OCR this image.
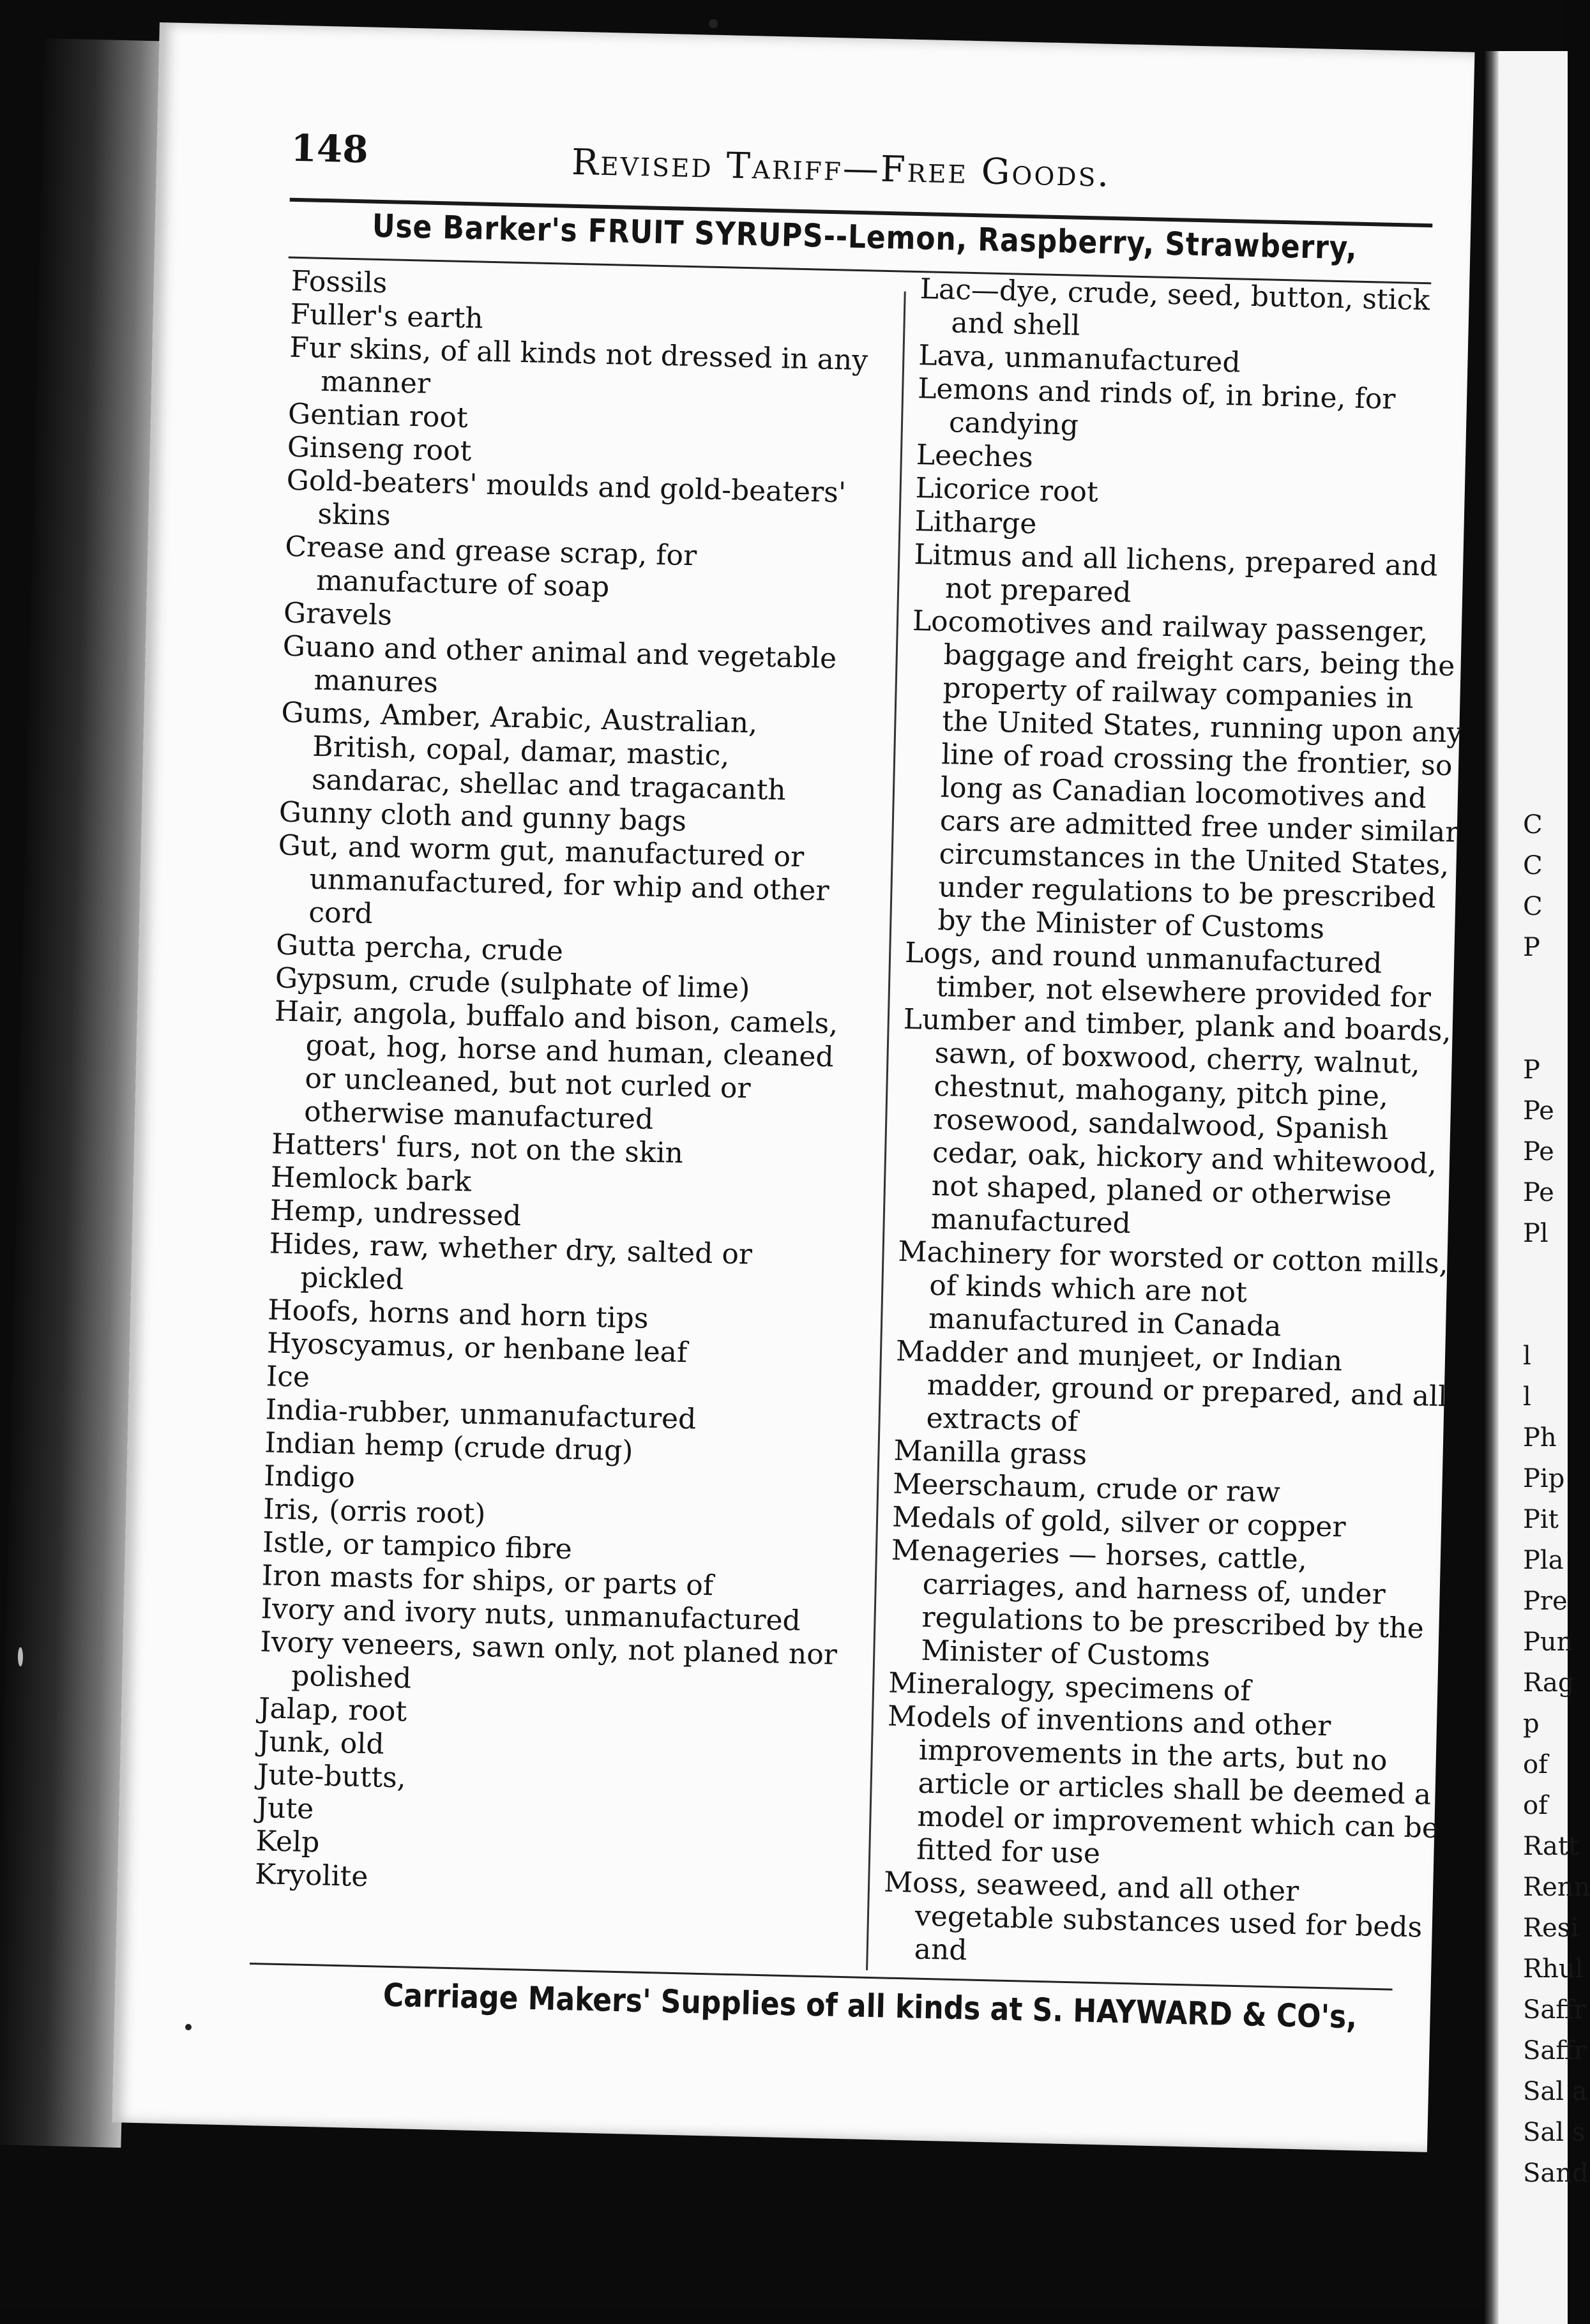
C
C
C
P
P
Pe
Pe
Pe
Pl
l
l
Ph
Pip
Pit
Pla
Pre
Pun
Rag
p
of
of
Ratt
Renn
Resi
Rhul
Saffr
Saffr
Sal a
Sal s
Sand
148	Revised Tariff—Free Goods.
Use Barker's FRUIT SYRUPS--Lemon, Raspberry, Strawberry,

Fossils

Fuller's earth

Fur skins, of all kinds not dressed in any manner

Gentian root

Ginseng root

Gold-beaters' moulds and gold-beaters' skins

Crease and grease scrap, for manufacture of soap

Gravels

Guano and other animal and vegetable manures

Gums, Amber, Arabic, Australian, British, copal, damar, mastic, sandarac, shellac and tragacanth

Gunny cloth and gunny bags

Gut, and worm gut, manufactured or unmanufactured, for whip and other cord

Gutta percha, crude

Gypsum, crude (sulphate of lime)

Hair, angola, buffalo and bison, camels, goat, hog, horse and human, cleaned or uncleaned, but not curled or otherwise manufactured

Hatters' furs, not on the skin

Hemlock bark

Hemp, undressed

Hides, raw, whether dry, salted or pickled

Hoofs, horns and horn tips

Hyoscyamus, or henbane leaf

Ice

India-rubber, unmanufactured

Indian hemp (crude drug)

Indigo

Iris, (orris root)

Istle, or tampico fibre

Iron masts for ships, or parts of

Ivory and ivory nuts, unmanufactured

Ivory veneers, sawn only, not planed nor polished

Jalap, root

Junk, old

Jute-butts,

Jute

Kelp

Kryolite

Lac—dye, crude, seed, button, stick and shell

Lava, unmanufactured

Lemons and rinds of, in brine, for candying

Leeches

Licorice root

Litharge

Litmus and all lichens, prepared and not prepared

Locomotives and railway passenger, baggage and freight cars, being the property of railway companies in the United States, running upon any line of road crossing the frontier, so long as Canadian locomotives and cars are admitted free under similar circumstances in the United States, under regulations to be prescribed by the Minister of Customs

Logs, and round unmanufactured timber, not elsewhere provided for

Lumber and timber, plank and boards, sawn, of boxwood, cherry, walnut, chestnut, mahogany, pitch pine, rosewood, sandalwood, Spanish cedar, oak, hickory and whitewood, not shaped, planed or otherwise manufactured

Machinery for worsted or cotton mills, of kinds which are not manufactured in Canada

Madder and munjeet, or Indian madder, ground or prepared, and all extracts of

Manilla grass

Meerschaum, crude or raw

Medals of gold, silver or copper

Menageries — horses, cattle, carriages, and harness of, under regulations to be prescribed by the Minister of Customs

Mineralogy, specimens of

Models of inventions and other improvements in the arts, but no article or articles shall be deemed a model or improvement which can be fitted for use

Moss, seaweed, and all other vegetable substances used for beds and

Carriage Makers' Supplies of all kinds at S. HAYWARD & CO's,
